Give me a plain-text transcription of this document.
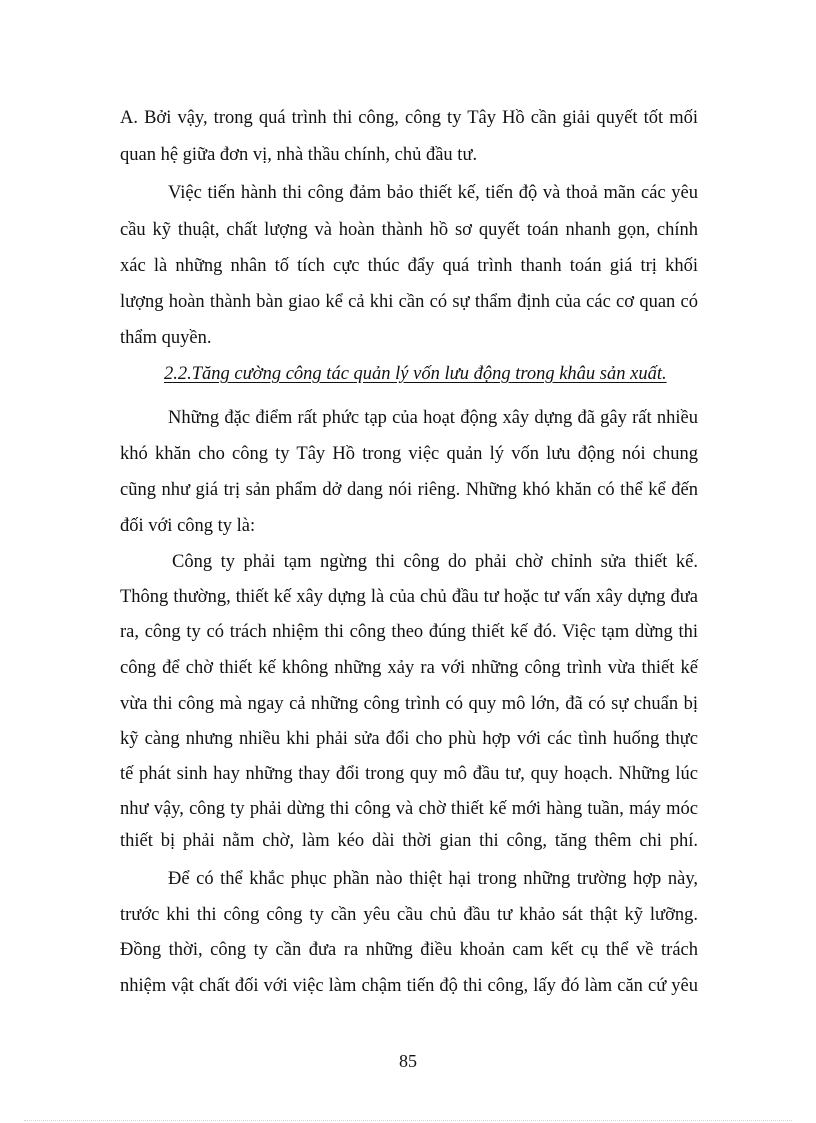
A. Bởi vậy, trong quá trình thi công, công ty Tây Hồ cần giải quyết tốt mối
quan hệ giữa đơn vị, nhà thầu chính, chủ đầu tư.
Việc tiến hành thi công đảm bảo thiết kế, tiến độ và thoả mãn các yêu
cầu kỹ thuật, chất lượng và hoàn thành hồ sơ quyết toán nhanh gọn, chính
xác là những nhân tố tích cực thúc đẩy quá trình thanh toán giá trị khối
lượng hoàn thành bàn giao kể cả khi cần có sự thẩm định của các cơ quan có
thẩm quyền.
2.2.Tăng cường công tác quản lý vốn lưu động trong khâu sản xuất.
Những đặc điểm rất phức tạp của hoạt động xây dựng đã gây rất nhiều
khó khăn cho công ty Tây Hồ trong việc quản lý vốn lưu động nói chung
cũng như giá trị sản phẩm dở dang nói riêng. Những khó khăn có thể kể đến
đối với công ty là:
Công ty phải tạm ngừng thi công do phải chờ chỉnh sửa thiết kế.
Thông thường, thiết kế xây dựng là của chủ đầu tư hoặc tư vấn xây dựng đưa
ra, công ty có trách nhiệm thi công theo đúng thiết kế đó. Việc tạm dừng thi
công để chờ thiết kế không những xảy ra với những công trình vừa thiết kế
vừa thi công mà ngay cả những công trình có quy mô lớn, đã có sự chuẩn bị
kỹ càng nhưng nhiều khi phải sửa đổi cho phù hợp với các tình huống thực
tế phát sinh hay những thay đổi trong quy mô đầu tư, quy hoạch. Những lúc
như vậy, công ty phải dừng thi công và chờ thiết kế mới hàng tuần, máy móc
thiết bị phải nằm chờ, làm kéo dài thời gian thi công, tăng thêm chi phí.
Để có thể khắc phục phần nào thiệt hại trong những trường hợp này,
trước khi thi công công ty cần yêu cầu chủ đầu tư khảo sát thật kỹ lưỡng.
Đồng thời, công ty cần đưa ra những điều khoản cam kết cụ thể về trách
nhiệm vật chất đối với việc làm chậm tiến độ thi công, lấy đó làm căn cứ yêu
85
